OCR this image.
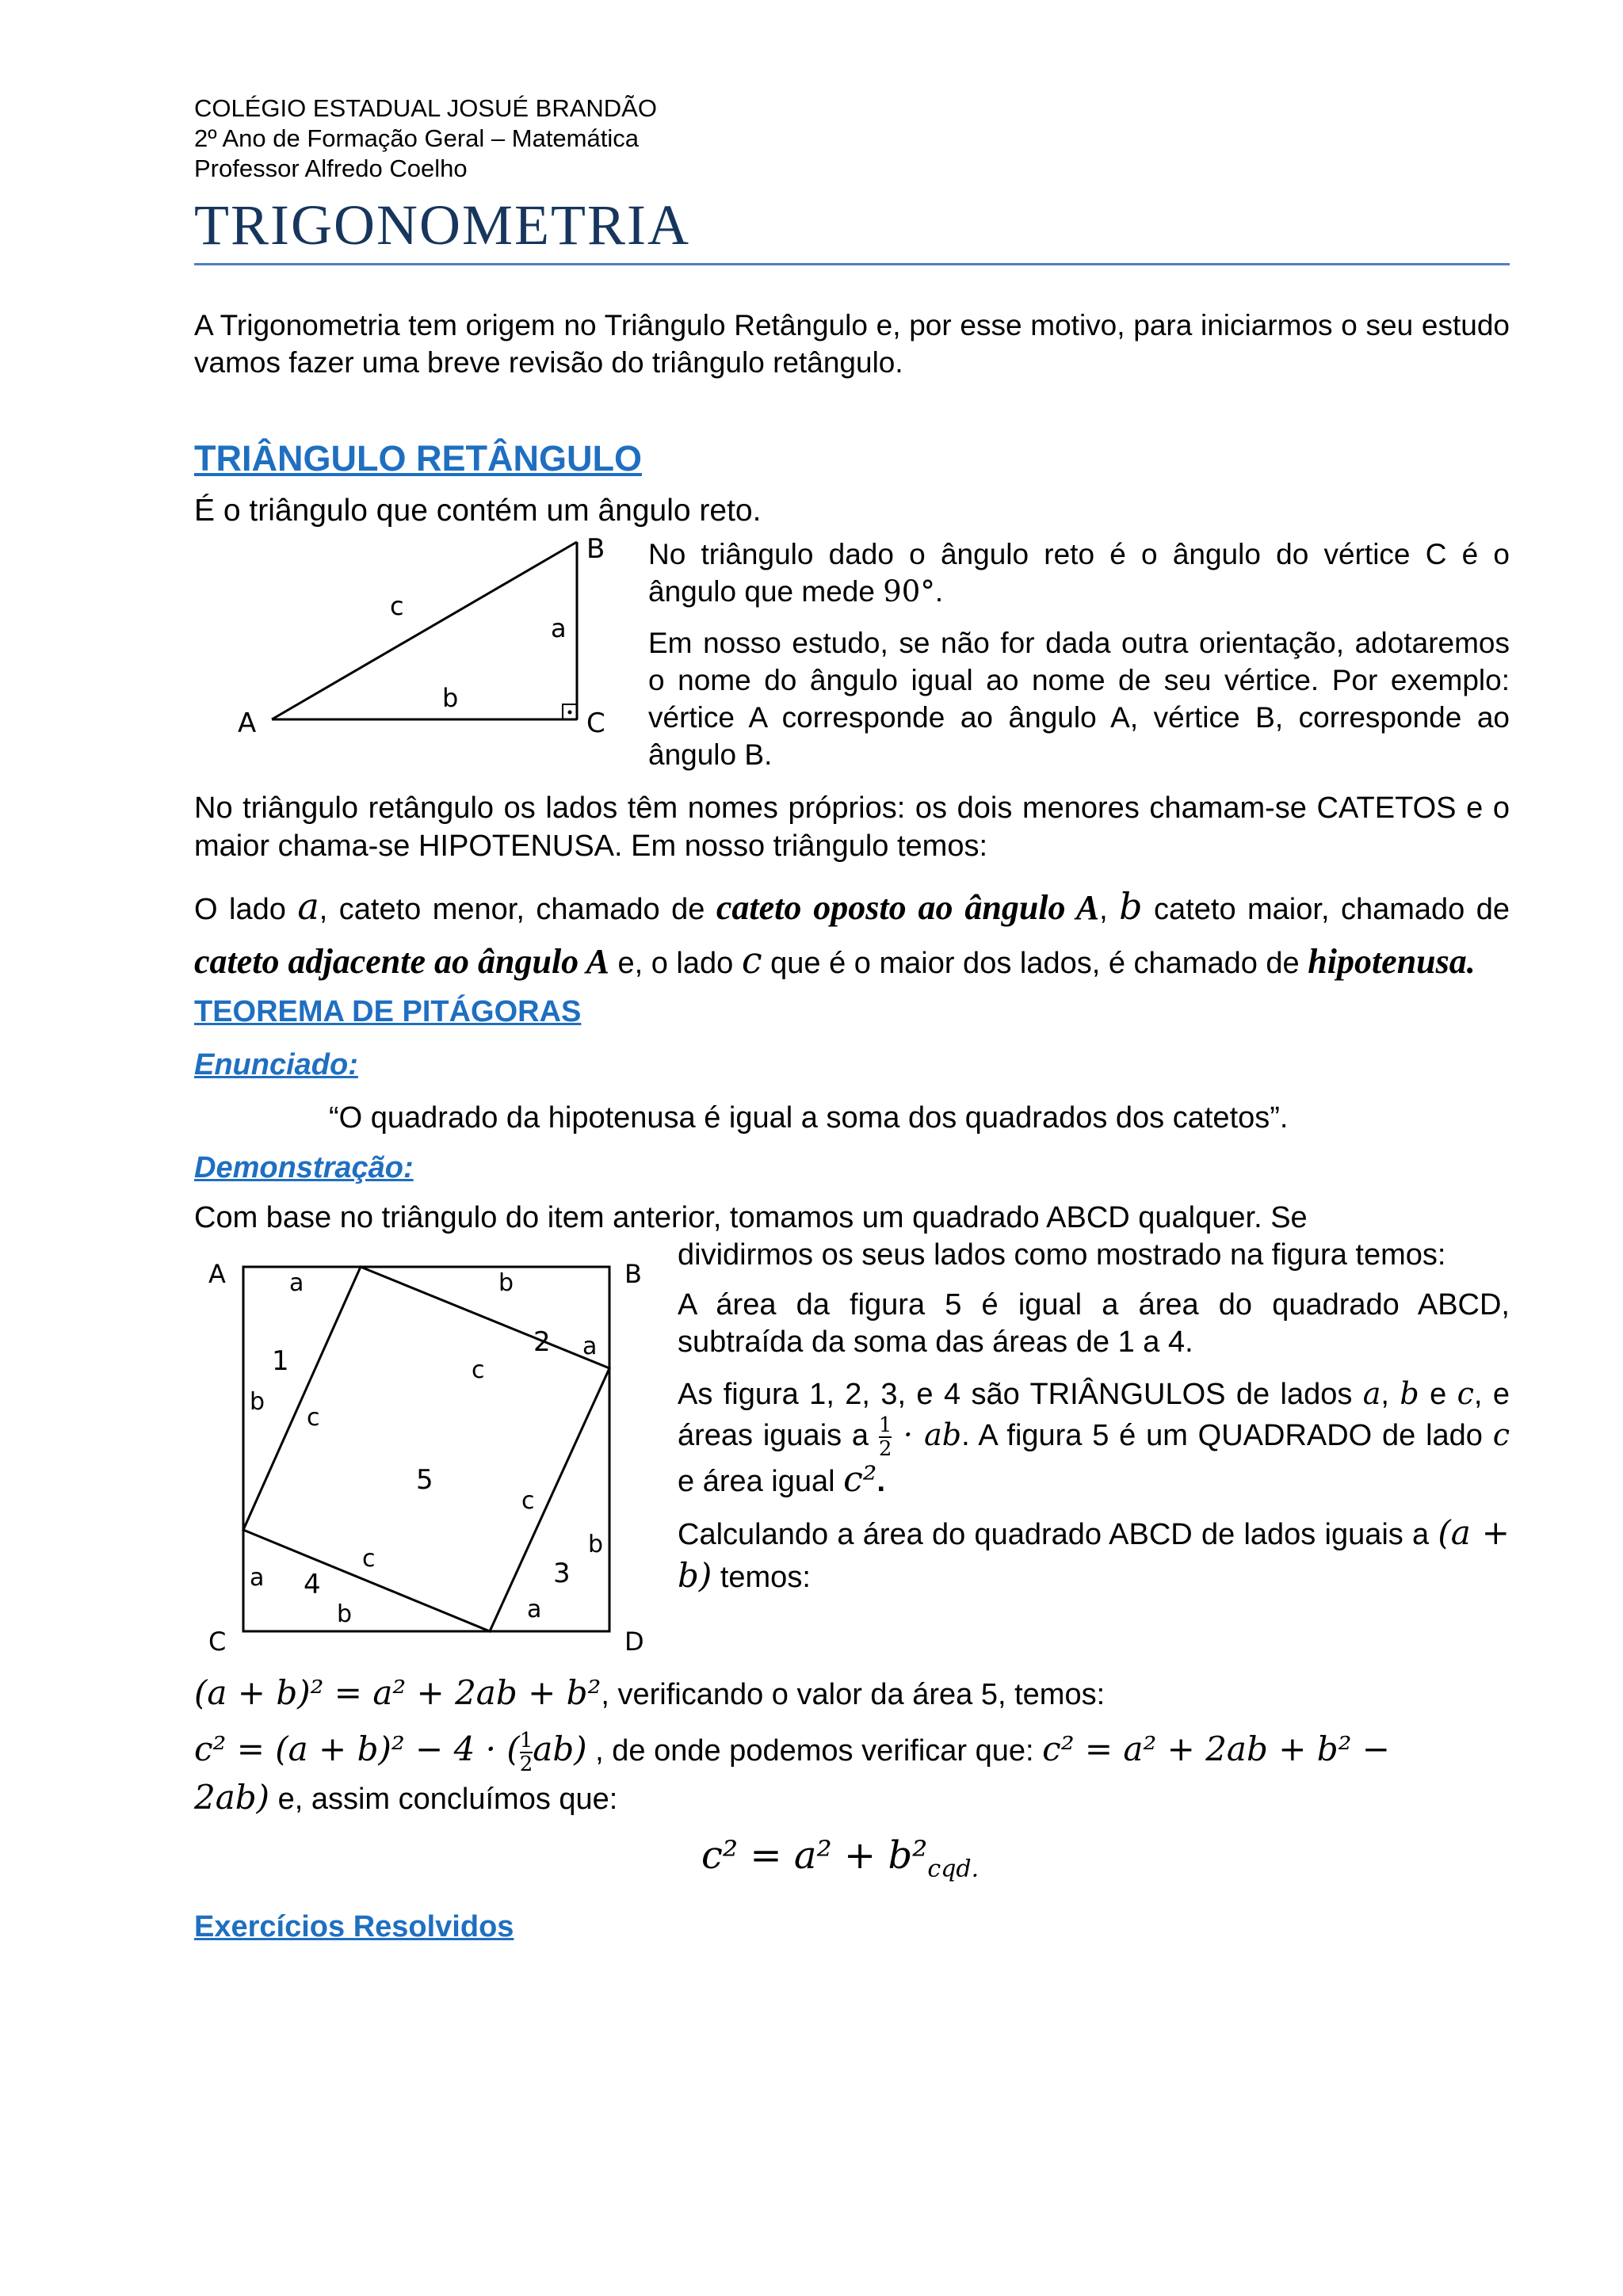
COLÉGIO ESTADUAL JOSUÉ BRANDÃO
2º Ano de Formação Geral – Matemática
Professor Alfredo Coelho
TRIGONOMETRIA

A Trigonometria tem origem no Triângulo Retângulo e, por esse motivo, para iniciarmos o seu estudo vamos fazer uma breve revisão do triângulo retângulo.

TRIÂNGULO RETÂNGULO

É o triângulo que contém um ângulo reto.

A
B
C
a
b
c

No triângulo dado o ângulo reto é o ângulo do vértice C é o ângulo que mede 90°.

Em nosso estudo, se não for dada outra orientação, adotaremos o nome do ângulo igual ao nome de seu vértice. Por exemplo: vértice A corresponde ao ângulo A, vértice B, corresponde ao ângulo B.

No triângulo retângulo os lados têm nomes próprios: os dois menores chamam-se CATETOS e o maior chama-se HIPOTENUSA. Em nosso triângulo temos:

O lado a, cateto menor, chamado de cateto oposto ao ângulo A, b cateto maior, chamado de cateto adjacente ao ângulo A e, o lado c que é o maior dos lados, é chamado de hipotenusa.

TEOREMA DE PITÁGORAS

Enunciado:

“O quadrado da hipotenusa é igual a soma dos quadrados dos catetos”.

Demonstração:

Com base no triângulo do item anterior, tomamos um quadrado ABCD qualquer. Se

A	B
C	D
a	b
2 a
c
1
b
c
5
c
b
3
a
c
a 4
b

dividirmos os seus lados como mostrado na figura temos:

A área da figura 5 é igual a área do quadrado ABCD, subtraída da soma das áreas de 1 a 4.

As figura 1, 2, 3, e 4 são TRIÂNGULOS de lados a, b e c, e áreas iguais a $\frac{1}{2}$ · ab. A figura 5 é um QUADRADO de lado c e área igual c².

Calculando a área do quadrado ABCD de lados iguais a (a + b) temos:

(a + b)² = a² + 2ab + b², verificando o valor da área 5, temos:

c² = (a + b)² − 4 · ( $\frac{1}{2} ab$) , de onde podemos verificar que: c² = a² + 2ab + b² −

2ab) e, assim concluímos que:

$c^2 = a^2 + b^2_{cqd.}$

Exercícios Resolvidos
